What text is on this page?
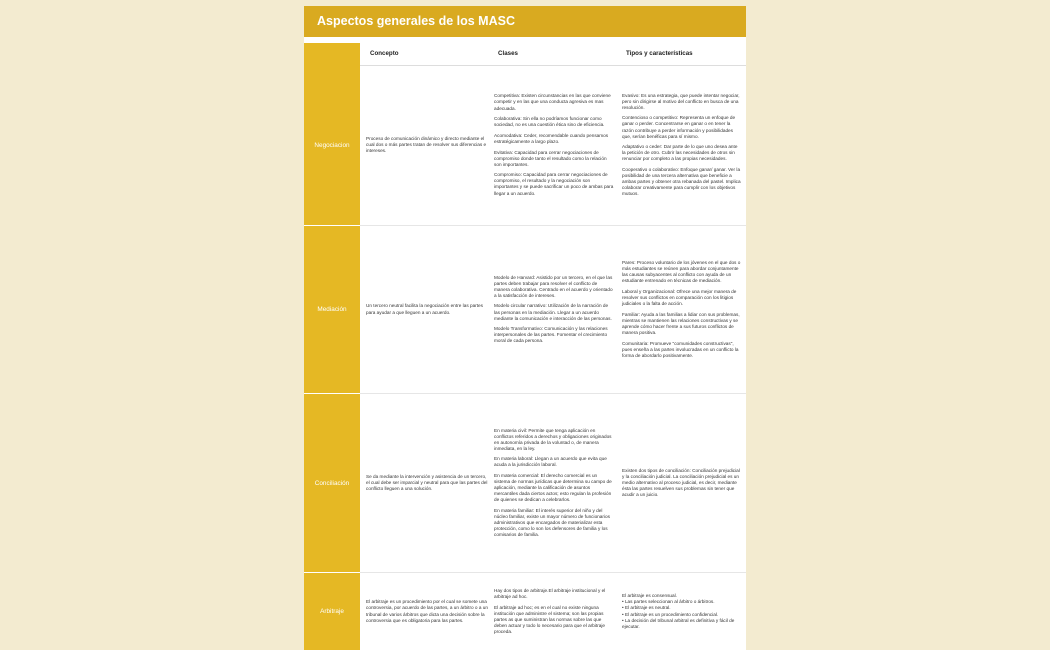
Aspectos generales de los MASC
Concepto	Clases	Tipos y características
Negociacion

Proceso de comunicación dinámico y directo mediante el cual dos o más partes tratan de resolver sus diferencias e intereses.

Competitiva: Existen circunstancias en las que conviene competir y en las que una conducta agresiva es mas adecuada.

Colaborativa: Sin ella no podríamos funcionar como sociedad, no es una cuestión ética sino de eficiencia.

Acomodativa: Ceder, recomendable cuando pensamos estratégicamente a largo plazo.

Evitativa: Capacidad para cerrar negociaciones de compromiso donde tanto el resultado como la relación son importantes.

Compromiso: Capacidad para cerrar negociaciones de compromiso, el resultado y la negociación son importantes y se puede sacrificar un poco de ambas para llegar a un acuerdo.

Evasivo: Es una estrategia, que puede intentar negociar, pero sin dirigirse al motivo del conflicto en busca de una resolución.

Contencioso o competitivo: Representa un enfoque de ganar o perder. Concentrarse en ganar o en tener la razón contribuye a perder información y posibilidades que, serían benéficas para sí mismo.

Adaptativo o ceder: Dar parte de lo que uno desea ante la petición de otro. Cubrir las necesidades de otros sin renunciar por completo a las propias necesidades.

Cooperativo o colaborativo: Enfoque ganar/ ganar. Ver la posibilidad de una tercera alternativa que beneficie a ambas partes y obtener otra rebanada del pastel. Implica colaborar creativamente para cumplir con los objetivos mutuos.

Mediación

Un tercero neutral facilita la negociación entre las partes para ayudar a que lleguen a un acuerdo.

Modelo de Harvard: Asistido por un tercero, en el que las partes deben trabajar para resolver el conflicto de manera colaborativa. Centrado en el acuerdo y orientado a la satisfacción de intereses.

Modelo circular narrativo: Utilización de la narración de las personas en la mediación. Llegar a un acuerdo mediante la comunicación e interacción de las personas.

Modelo Transformativo: Comunicación y las relaciones interpersonales de las partes. Fomentar el crecimiento moral de cada persona.

Pares: Proceso voluntario de los jóvenes en el que dos o más estudiantes se reúnen para abordar conjuntamente las causas subyacentes al conflicto con ayuda de un estudiante entrenado en técnicas de mediación.

Laboral y Organizacional: Ofrece una mejor manera de resolver sus conflictos en comparación con los litigios judiciales o la falta de acción.

Familiar: Ayuda a las familias a lidiar con sus problemas, mientras se mantienen las relaciones constructivas y se aprende cómo hacer frente a sus futuros conflictos de manera positiva.

Comunitaria: Promueve "comunidades constructivas", pues enseña a las partes involucradas en un conflicto la forma de abordarlo positivamente.

Conciliación

Se da mediante la intervención y asistencia de un tercero, el cual debe ser imparcial y neutral para que las partes del conflicto lleguen a una solución.

En materia civil: Permite que tenga aplicación en conflictos referidos a derechos y obligaciones originados en autonomía privada de la voluntad o, de manera inmediata, en la ley.

En materia laboral: Llegan a un acuerdo que evita que acuda a la jurisdicción laboral.

En materia comercial: El derecho comercial es un sistema de normas jurídicas que determina su campo de aplicación, mediante la calificación de asuntos mercantiles dada ciertos actos; esto regulan la profesión de quienes se dedican a celebrarlos.

En materia familiar: El interés superior del niño y del núcleo familiar, existe un mayor número de funcionarios administrativos que encargados de materializar esta protección, como lo son los defensores de familia y los comisarios de familia.

Existen dos tipos de conciliación: Conciliación prejudicial y la conciliación judicial. La conciliación prejudicial es un medio alternativo al proceso judicial, es decir, mediante ésta las partes resuelven sus problemas sin tener que acudir a un juicio.

Arbitraje

El arbitraje es un procedimiento por el cual se somete una controversia, por acuerdo de las partes, a un árbitro o a un tribunal de varios árbitros que dicta una decisión sobre la controversia que es obligatoria para las partes.

Hay dos tipos de arbitraje.El arbitraje institucional y el arbitraje ad hoc.

El arbitraje ad hoc; es en el cual no existe ninguna institución que administre el sistema; son las propias partes as que suministran las normas sobre las que deben actuar y todo lo necesario para que el arbitraje proceda.

El arbitraje es consensual.
• Las partes seleccionan al árbitro o árbitros.
• El arbitraje es neutral.
• El arbitraje es un procedimiento confidencial.
• La decisión del tribunal arbitral es definitiva y fácil de ejecutar.
